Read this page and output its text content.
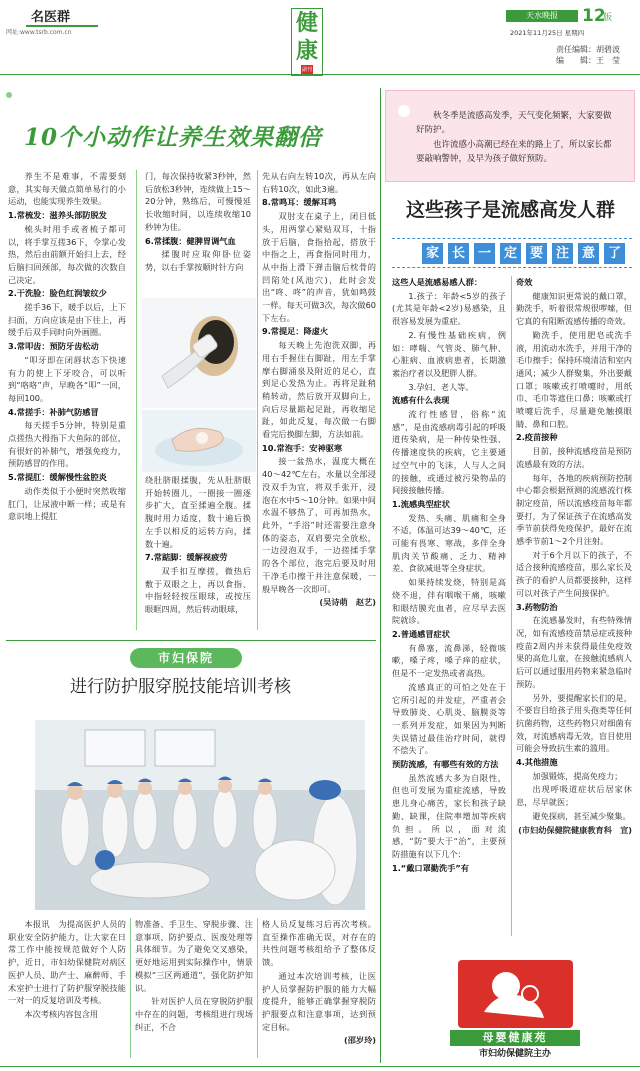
名医群
网址:www.tsrb.com.cn	健康
副刊
天水晚报	12
版
2021年11月25日 星期四
责任编辑：胡碧波
编　　辑：王　莹
10个小动作让养生效果翻倍

养生不是难事，不需要刻意，其实每天做点简单易行的小运动，也能实现养生效果。

1.常梳发：滋养头部防脱发

梳头时用手或者梳子都可以，将手掌互搓36下，令掌心发热，然后由前额开始扫上去，经后脑扫回颈部，每次做的次数自己决定。

2.干洗脸：脸色红润皱纹少

搓手36下，暖手以后，上下扫面，方向应该是由下往上，再缓手后双手同时向外画圈。

3.常叩齿：预防牙齿松动

“叩牙即在闭唇状态下快速有力的使上下牙咬合，可以听到“咯咯”声，早晚各“叩”一回，每回100。

4.常搓手：补肺气防感冒

每天搓手5分钟，特别是重点搓热大拇指下大鱼际的部位，有很好的补肺气，增强免疫力，预防感冒的作用。

5.常提肛：缓解慢性盆腔炎

动作类似于小便时突然收缩肛门，让尿液中断一样；或是有意识地上提肛

门，每次保持收紧3秒钟，然后放松3秒钟，连续做上15～20分钟，熟练后，可慢慢延长收缩时间，以连续收缩10秒钟为佳。

6.常揉腹：健脾胃调气血

揉腹时应取仰卧位姿势，以右手掌按顺时针方向

绕肚脐眼揉腹，先从肚脐眼开始转圈儿，一圈接一圈逐步扩大，直至揉遍全腹。揉腹时用力适度，数十遍后换左手以相反的运转方向，揉数十遍。

7.常踮脚：缓解视疲劳

双手扣互摩搓，微热后敷于双眼之上，再以食指、中指轻轻按压眼球，或按压眼眶四周，然后转动眼球，

先从右向左转10次，再从左向右转10次，如此3遍。

8.常鸣耳：缓解耳鸣

双肘支在桌子上，闭目低头，用两掌心紧贴双耳，十指放于后脑，食指拾起，搭放于中指之上，再食指同时用力，从中指上滑下弹击脑后枕骨的凹陷处(风池穴)，此时会发出“咚、咚”的声音，犹如鸣鼓一样。每天可做3次，每次做60下左右。

9.常提足：降虚火

每天晚上先泡洗双脚，再用右手握住右脚趾，用左手掌摩右脚涌泉及附近的足心，直到足心发热为止。再将足趾稍稍转动，然后放开双脚向上，向后尽量踮起足趾，再收缩足趾，如此反复，每次做一右脚看完后换脚左脚，方法如前。

10.常泡手：安神驱寒

接一盆热水，温度大概在40～42℃左右，水量以全部浸没双手为宜，将双手张开，浸泡在水中5～10分钟。如果中间水温不够热了，可再加热水，此外，“手浴”时还需要注意身体的姿态，双肩要完全放松，一边浸泡双手，一边搓揉手掌的各个部位，泡完后要及时用干净毛巾擦干并注意保暖，一般早晚各一次即可。

(吴诗萌　赵艺)

秋冬季是流感高发季，天气变化频繁，大家要做好防护。

也许流感小高潮已经在来的路上了，所以家长都要敲响警钟，及早为孩子做好预防。

这些孩子是流感高发人群
家 长 一 定 要 注 意 了

这些人是流感易感人群：

1.孩子：年龄<5岁的孩子(尤其是年龄<2岁)易感染，且很容易发展为重症。

2.有慢性基础疾病，例如：哮喘、气管炎、肺气肿、心脏病、血液病患者，长期激素治疗者以及肥胖人群。

3.孕妇、老人等。

流感有什么表现

流行性感冒，俗称“流感”，是由流感病毒引起的呼吸道传染病，是一种传染性强、传播速度快的疾病，它主要通过空气中的飞沫，人与人之间的接触，或通过被污染物品的间接接触传播。

1.流感典型症状

发热、头痛、肌痛和全身不适，体温可达39～40℃，还可能有畏寒、寒战，多伴全身肌肉关节酸痛、乏力、精神差、食欲减退等全身症状。

如果持续发烧，特别是高烧不退，伴有咽喉干痛，咳嗽和眼结膜充血者，应尽早去医院就诊。

2.普通感冒症状

有鼻塞，流鼻涕，轻微咳嗽，嗓子疼，嗓子痒的症状，但是不一定发热或者高热。

流感真正的可怕之处在于它所引起的并发症，严重者会导致肺炎、心肌炎、脑膜炎等一系列并发症，如果因为判断失误错过最佳治疗时间，就得不偿失了。

预防流感，有哪些有效的方法

虽然流感大多为自限性，但也可发展为重症流感，导致患儿身心痛苦，家长和孩子缺勤、缺课，住院率增加等疾病负担。所以，面对流感，“防”要大于“治”，主要预防措施有以下几个：

1.“戴口罩勤洗手”有

奇效

健康知识更常说的戴口罩，勤洗手，听着很常规很啰嗦，但它真的有阻断流感传播的奇效。

勤洗手，使用肥皂或洗手液，用流动水洗手，并用干净的毛巾擦手；保持环境清洁和室内通风；减少人群聚集，外出要戴口罩；咳嗽或打喷嚏时，用纸巾、毛巾等遮住口鼻；咳嗽或打喷嚏后洗手，尽量避免触摸眼睛、鼻和口腔。

2.疫苗接种

目前，接种流感疫苗是预防流感最有效的方法。

每年，各地的疾病预防控制中心都会根据预测的流感流行株制定疫苗，所以流感疫苗每年都要打，为了保证孩子在流感高发季节前获得免疫保护，最好在流感季节前1～2个月注射。

对于6个月以下的孩子，不适合接种流感疫苗，那么家长及孩子的看护人员都要接种，这样可以对孩子产生间接保护。

3.药物防治

在流感暴发时，有些特殊情况，如有流感疫苗禁忌症或接种疫苗2周内并未获得最佳免疫效果的高危儿童，在接触流感病人后可以通过服用药物来紧急临时预防。

另外，要提醒家长们的是，不要盲目给孩子用头孢类等任何抗菌药物，这些药物只对细菌有效，对流感病毒无效，盲目使用可能会导致抗生素的滥用。

4.其他措施

加强锻炼，提高免疫力；

出现呼吸道症状后居家休息，尽早就医；

避免探病，甚至减少聚集。

(市妇幼保健院健康教育科　宣)

市妇保院
进行防护服穿脱技能培训考核

本报讯　为提高医护人员的职业安全防护能力，让大家在日常工作中能按规范做好个人防护，近日，市妇幼保健院对病区医护人员、助产士、麻醉师、手术室护士进行了防护服穿脱技能一对一的反复培训及考核。

本次考核内容包含用

物准备、手卫生、穿脱步骤、注意事项、防护要点、医废处理等具体细节。为了避免交叉感染，更好地运用到实际操作中，情景模拟“三区两通道”，强化防护知识。

针对医护人员在穿脱防护服中存在的问题，考核组进行现场纠正，不合

格人员反复练习后再次考核。直至操作准确无误，对存在的共性问题考核组给予了整体反馈。

通过本次培训考核，让医护人员掌握防护服的能力大幅度提升，能够正确掌握穿脱防护服要点和注意事项，达到预定目标。

(邵岁玲)	母婴健康苑
市妇幼保健院主办
